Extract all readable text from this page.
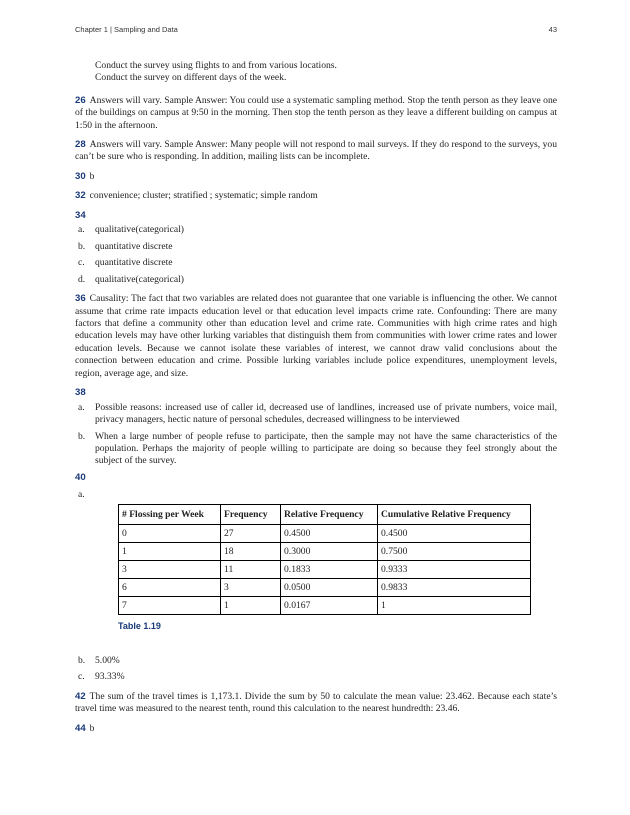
Chapter 1 | Sampling and Data	43
Conduct the survey using flights to and from various locations.
Conduct the survey on different days of the week.
26 Answers will vary. Sample Answer: You could use a systematic sampling method. Stop the tenth person as they leave one of the buildings on campus at 9:50 in the morning. Then stop the tenth person as they leave a different building on campus at 1:50 in the afternoon.
28 Answers will vary. Sample Answer: Many people will not respond to mail surveys. If they do respond to the surveys, you can’t be sure who is responding. In addition, mailing lists can be incomplete.
30 b
32 convenience; cluster; stratified ; systematic; simple random
34
a. qualitative(categorical)
b. quantitative discrete
c. quantitative discrete
d. qualitative(categorical)
36 Causality: The fact that two variables are related does not guarantee that one variable is influencing the other. We cannot assume that crime rate impacts education level or that education level impacts crime rate. Confounding: There are many factors that define a community other than education level and crime rate. Communities with high crime rates and high education levels may have other lurking variables that distinguish them from communities with lower crime rates and lower education levels. Because we cannot isolate these variables of interest, we cannot draw valid conclusions about the connection between education and crime. Possible lurking variables include police expenditures, unemployment levels, region, average age, and size.
38
a. Possible reasons: increased use of caller id, decreased use of landlines, increased use of private numbers, voice mail, privacy managers, hectic nature of personal schedules, decreased willingness to be interviewed
b. When a large number of people refuse to participate, then the sample may not have the same characteristics of the population. Perhaps the majority of people willing to participate are doing so because they feel strongly about the subject of the survey.
40
a.
# Flossing per Week	Frequency	Relative Frequency	Cumulative Relative Frequency
0	27	0.4500	0.4500
1	18	0.3000	0.7500
3	11	0.1833	0.9333
6	3	0.0500	0.9833
7	1	0.0167	1
Table 1.19
b. 5.00%
c. 93.33%
42 The sum of the travel times is 1,173.1. Divide the sum by 50 to calculate the mean value: 23.462. Because each state’s travel time was measured to the nearest tenth, round this calculation to the nearest hundredth: 23.46.
44 b
